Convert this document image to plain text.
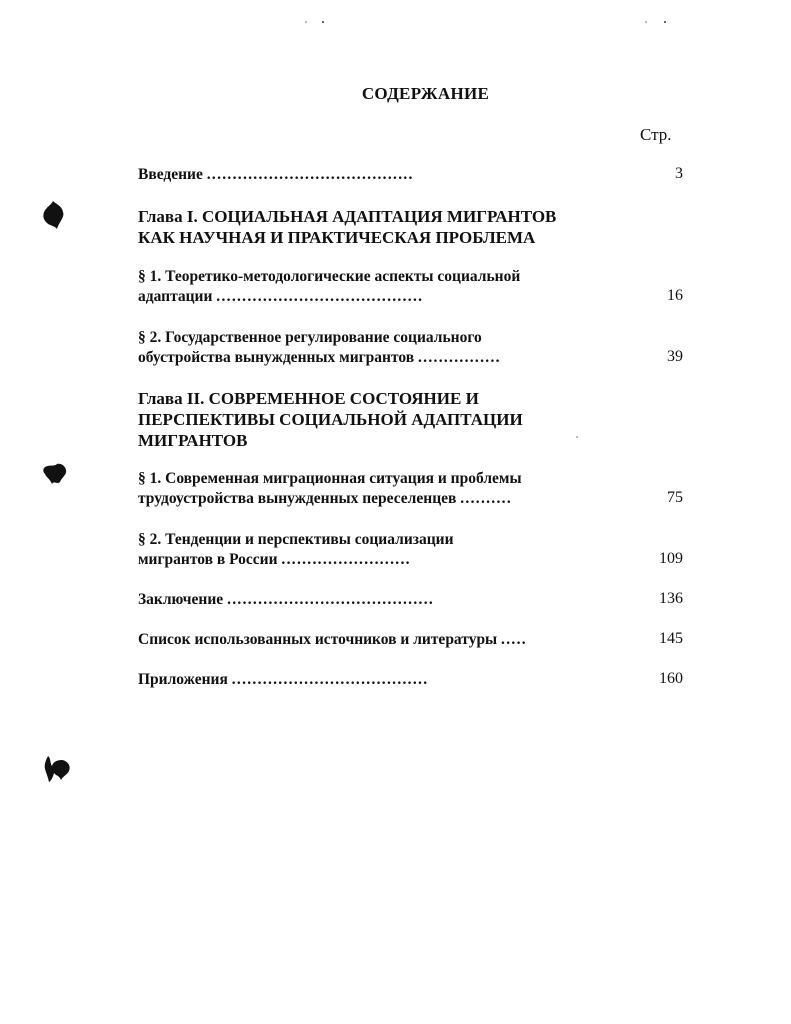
СОДЕРЖАНИЕ
Стр.
Введение ........................................	3
Глава I. СОЦИАЛЬНАЯ АДАПТАЦИЯ МИГРАНТОВ
КАК НАУЧНАЯ И ПРАКТИЧЕСКАЯ ПРОБЛЕМА
§ 1. Теоретико-методологические аспекты социальной
адаптации ........................................	16
§ 2. Государственное регулирование социального
обустройства вынужденных мигрантов ................	39
Глава II. СОВРЕМЕННОЕ СОСТОЯНИЕ И
ПЕРСПЕКТИВЫ СОЦИАЛЬНОЙ АДАПТАЦИИ
МИГРАНТОВ
§ 1. Современная миграционная ситуация и проблемы
трудоустройства вынужденных переселенцев ..........	75
§ 2. Тенденции и перспективы социализации
мигрантов в России .........................	109
Заключение ........................................	136
Список использованных источников и литературы .....	145
Приложения ......................................	160
